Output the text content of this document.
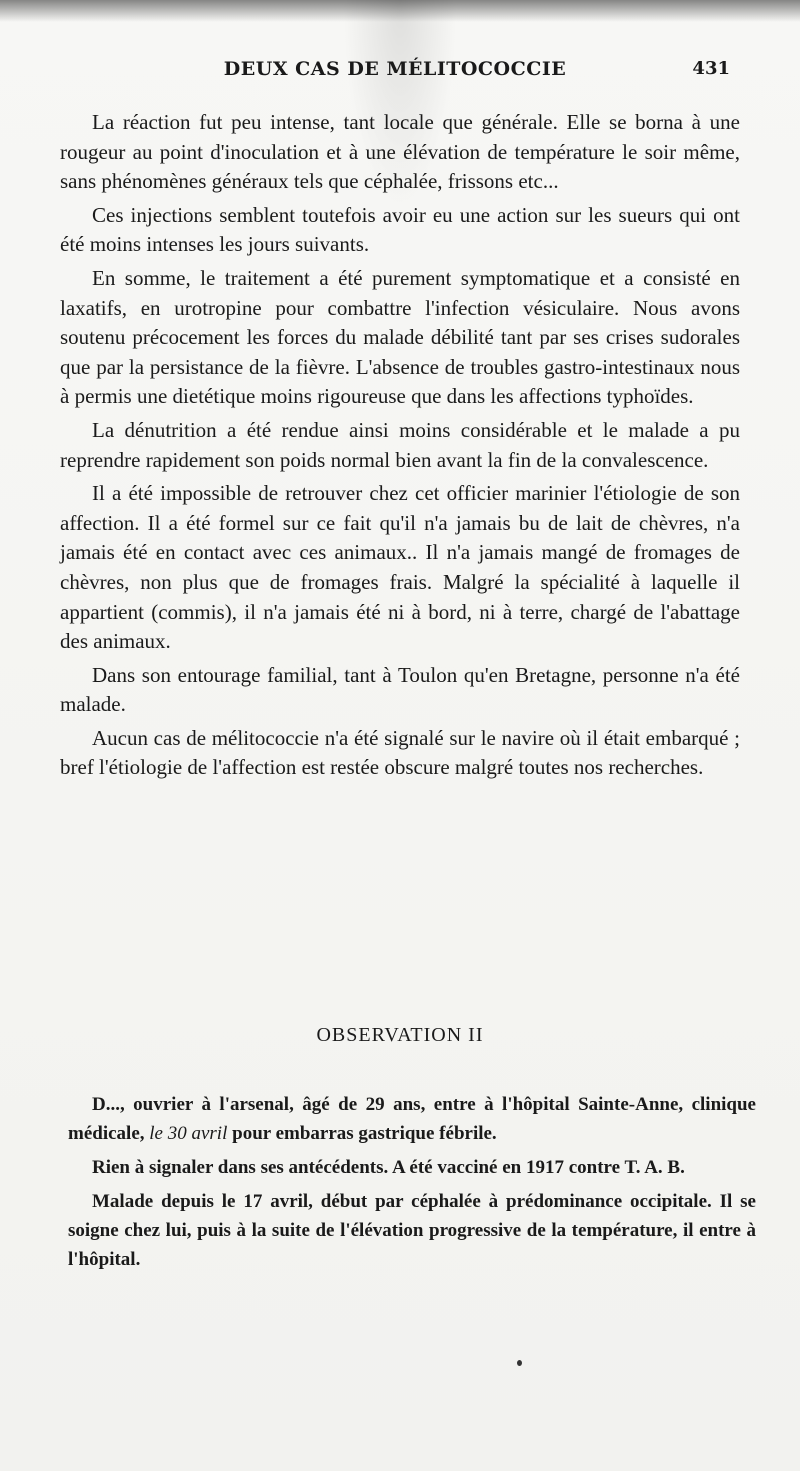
DEUX CAS DE MÉLITOCOCCIE	431

La réaction fut peu intense, tant locale que générale. Elle se borna à une rougeur au point d'inoculation et à une élévation de température le soir même, sans phénomènes généraux tels que céphalée, frissons etc...

Ces injections semblent toutefois avoir eu une action sur les sueurs qui ont été moins intenses les jours suivants.

En somme, le traitement a été purement symptomatique et a consisté en laxatifs, en urotropine pour combattre l'infection vésiculaire. Nous avons soutenu précocement les forces du malade débilité tant par ses crises sudorales que par la persistance de la fièvre. L'absence de troubles gastro-intestinaux nous à permis une dietétique moins rigoureuse que dans les affections typhoïdes.

La dénutrition a été rendue ainsi moins considérable et le malade a pu reprendre rapidement son poids normal bien avant la fin de la convalescence.

Il a été impossible de retrouver chez cet officier marinier l'étiologie de son affection. Il a été formel sur ce fait qu'il n'a jamais bu de lait de chèvres, n'a jamais été en contact avec ces animaux.. Il n'a jamais mangé de fromages de chèvres, non plus que de fromages frais. Malgré la spécialité à laquelle il appartient (commis), il n'a jamais été ni à bord, ni à terre, chargé de l'abattage des animaux.

Dans son entourage familial, tant à Toulon qu'en Bretagne, personne n'a été malade.

Aucun cas de mélitococcie n'a été signalé sur le navire où il était embarqué ; bref l'étiologie de l'affection est restée obscure malgré toutes nos recherches.

OBSERVATION II

D..., ouvrier à l'arsenal, âgé de 29 ans, entre à l'hôpital Sainte-Anne, clinique médicale, le 30 avril pour embarras gastrique fébrile.

Rien à signaler dans ses antécédents. A été vacciné en 1917 contre T. A. B.

Malade depuis le 17 avril, début par céphalée à prédominance occipitale. Il se soigne chez lui, puis à la suite de l'élévation progressive de la température, il entre à l'hôpital.
